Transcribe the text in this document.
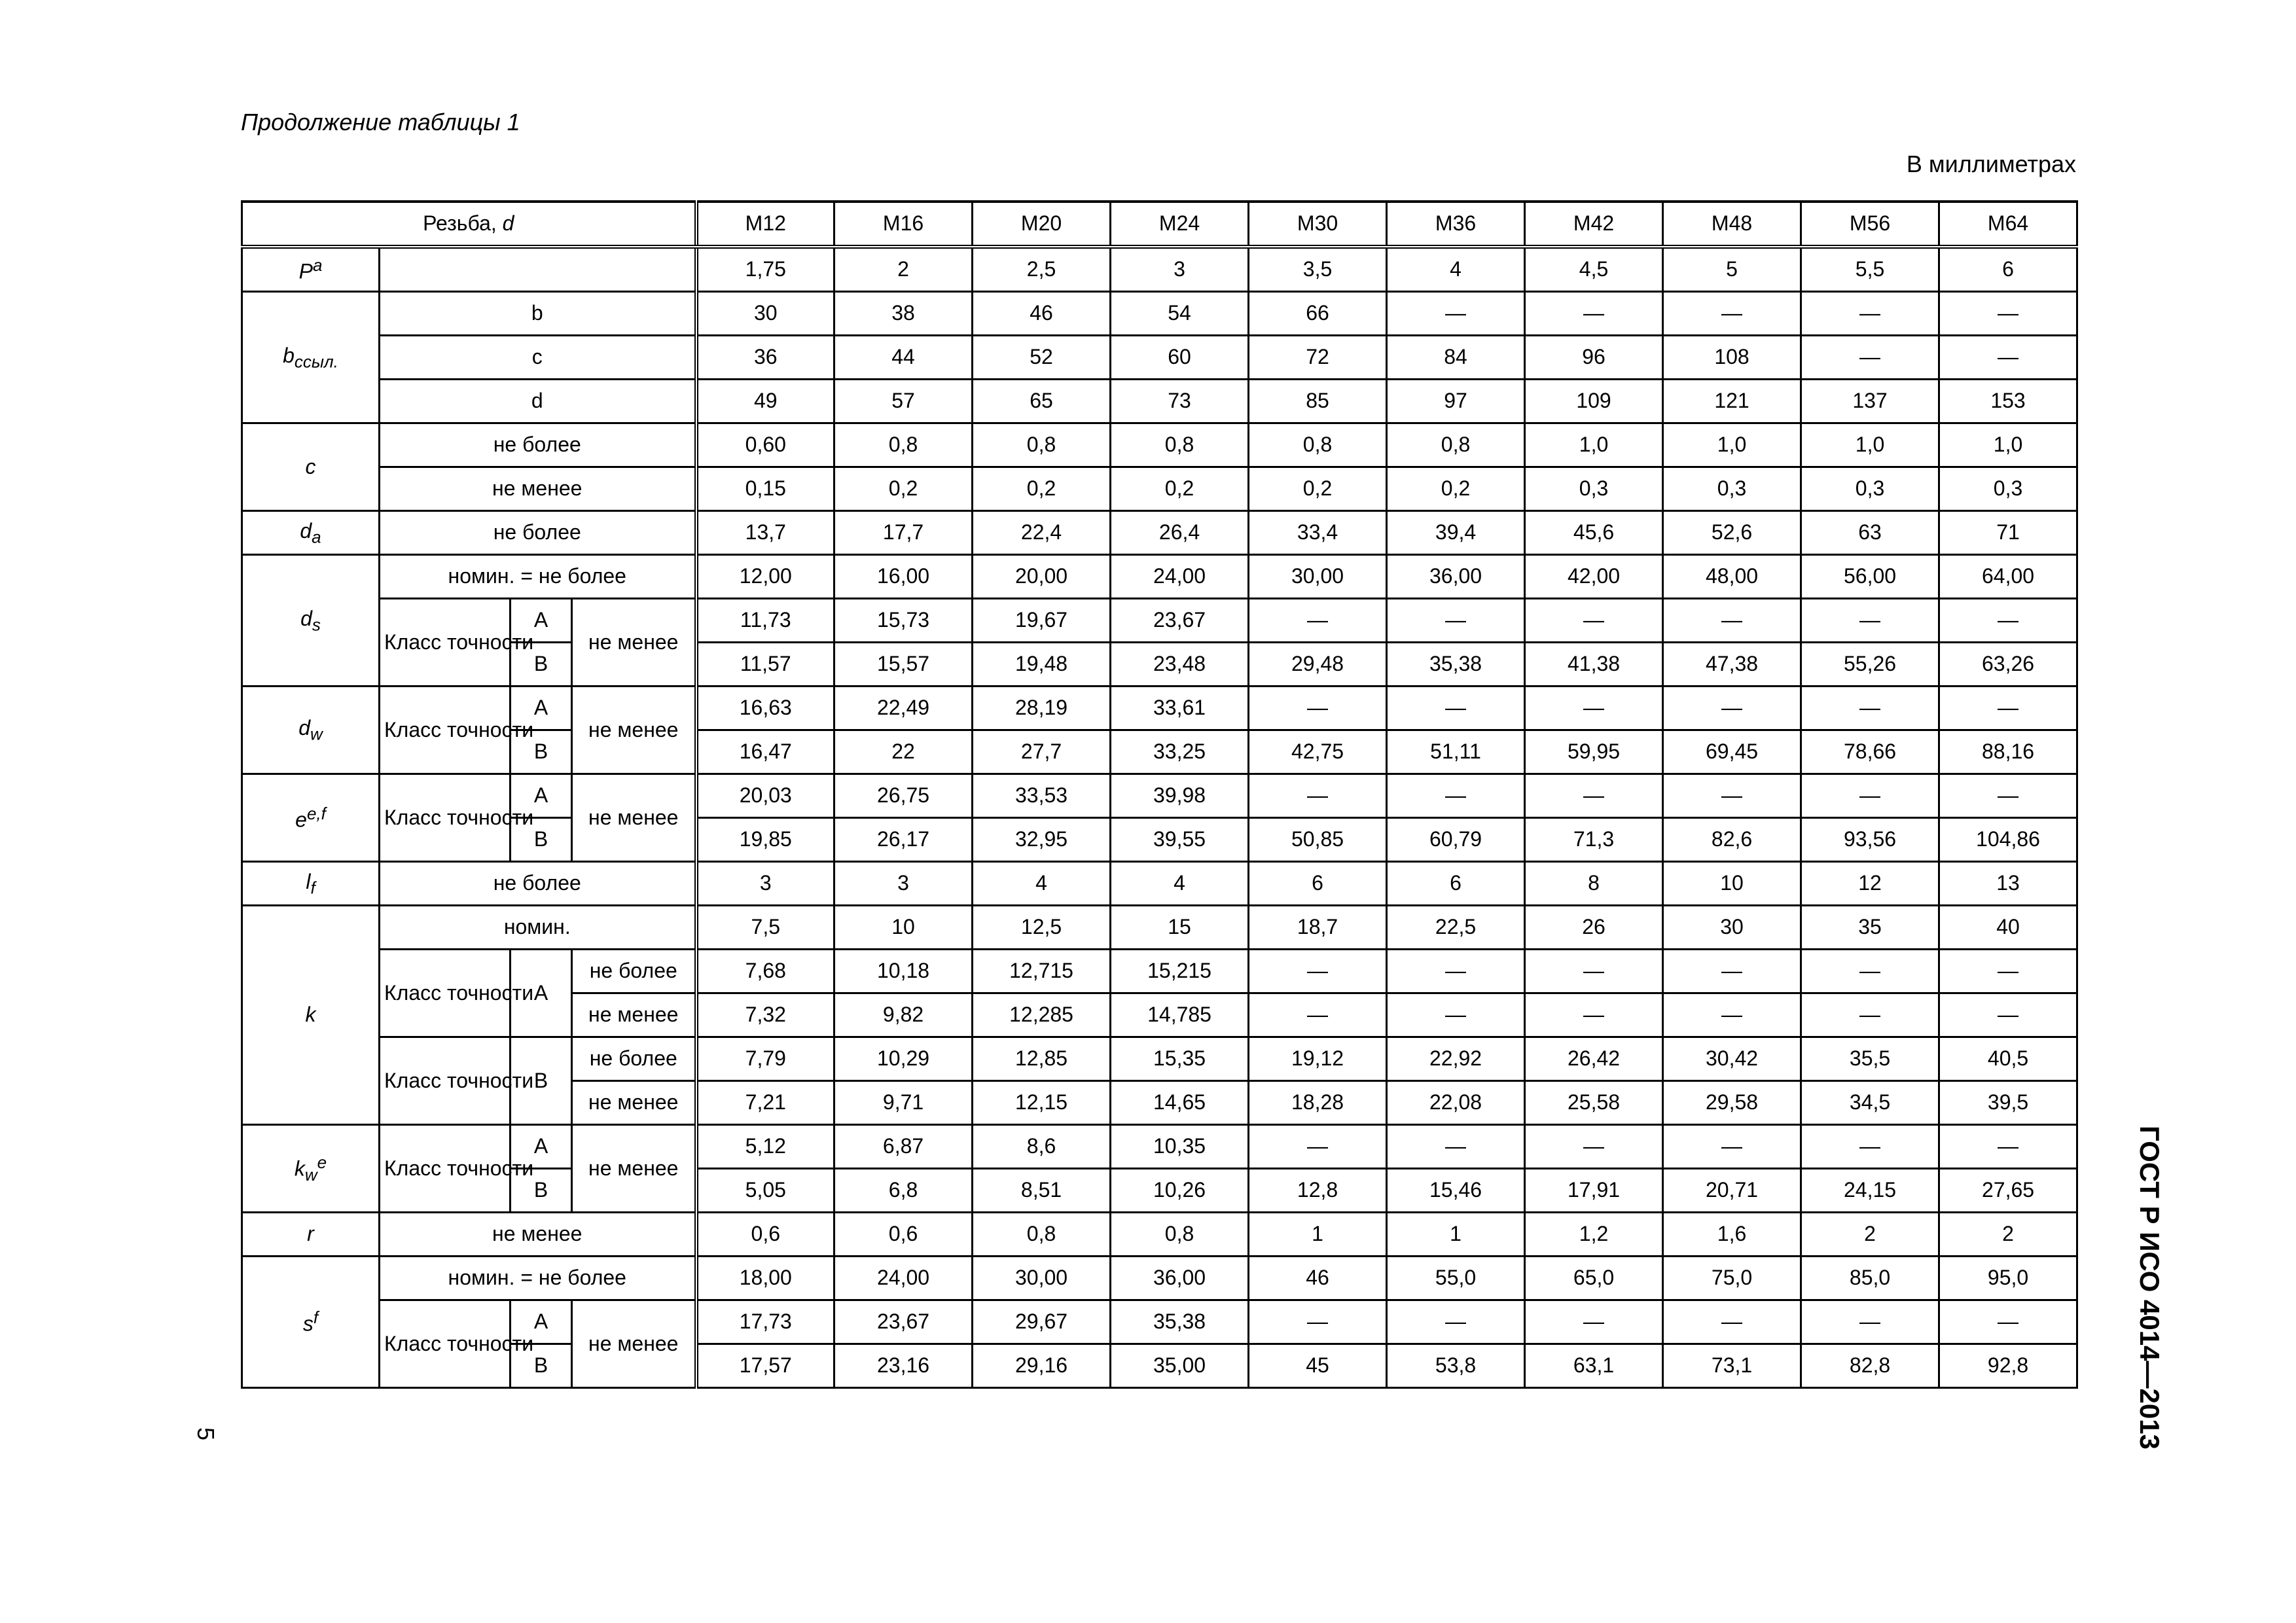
Продолжение таблицы 1
В миллиметрах
5	ГОСТ Р ИСО 4014—2013
Резьба, d				М12	М16	М20	М24	М30	М36	М42	М48	М56	М64
$P^a$				1,75	2	2,5	3	3,5	4	4,5	5	5,5	6
$b_{ссыл.}$	b			30	38	46	54	66	—	—	—	—	—
	c			36	44	52	60	72	84	96	108	—	—
	d			49	57	65	73	85	97	109	121	137	153
c	не более			0,60	0,8	0,8	0,8	0,8	0,8	1,0	1,0	1,0	1,0
	не менее			0,15	0,2	0,2	0,2	0,2	0,2	0,3	0,3	0,3	0,3
$d_a$	не более			13,7	17,7	22,4	26,4	33,4	39,4	45,6	52,6	63	71
$d_s$	номин. = не более			12,00	16,00	20,00	24,00	30,00	36,00	42,00	48,00	56,00	64,00
	Класс точности	А	не менее	11,73	15,73	19,67	23,67	—	—	—	—	—	—
		В		11,57	15,57	19,48	23,48	29,48	35,38	41,38	47,38	55,26	63,26
$d_w$	Класс точности	А	не менее	16,63	22,49	28,19	33,61	—	—	—	—	—	—
		В		16,47	22	27,7	33,25	42,75	51,11	59,95	69,45	78,66	88,16
$e^{e,f}$	Класс точности	А	не менее	20,03	26,75	33,53	39,98	—	—	—	—	—	—
		В		19,85	26,17	32,95	39,55	50,85	60,79	71,3	82,6	93,56	104,86
$l_f$	не более			3	3	4	4	6	6	8	10	12	13
k	номин.			7,5	10	12,5	15	18,7	22,5	26	30	35	40
	Класс точности	А	не более	7,68	10,18	12,715	15,215	—	—	—	—	—	—
			не менее	7,32	9,82	12,285	14,785	—	—	—	—	—	—
	Класс точности	В	не более	7,79	10,29	12,85	15,35	19,12	22,92	26,42	30,42	35,5	40,5
			не менее	7,21	9,71	12,15	14,65	18,28	22,08	25,58	29,58	34,5	39,5
$k_w^e$	Класс точности	А	не менее	5,12	6,87	8,6	10,35	—	—	—	—	—	—
		В		5,05	6,8	8,51	10,26	12,8	15,46	17,91	20,71	24,15	27,65
r	не менее			0,6	0,6	0,8	0,8	1	1	1,2	1,6	2	2
$s^f$	номин. = не более			18,00	24,00	30,00	36,00	46	55,0	65,0	75,0	85,0	95,0
	Класс точности	А	не менее	17,73	23,67	29,67	35,38	—	—	—	—	—	—
		В		17,57	23,16	29,16	35,00	45	53,8	63,1	73,1	82,8	92,8
